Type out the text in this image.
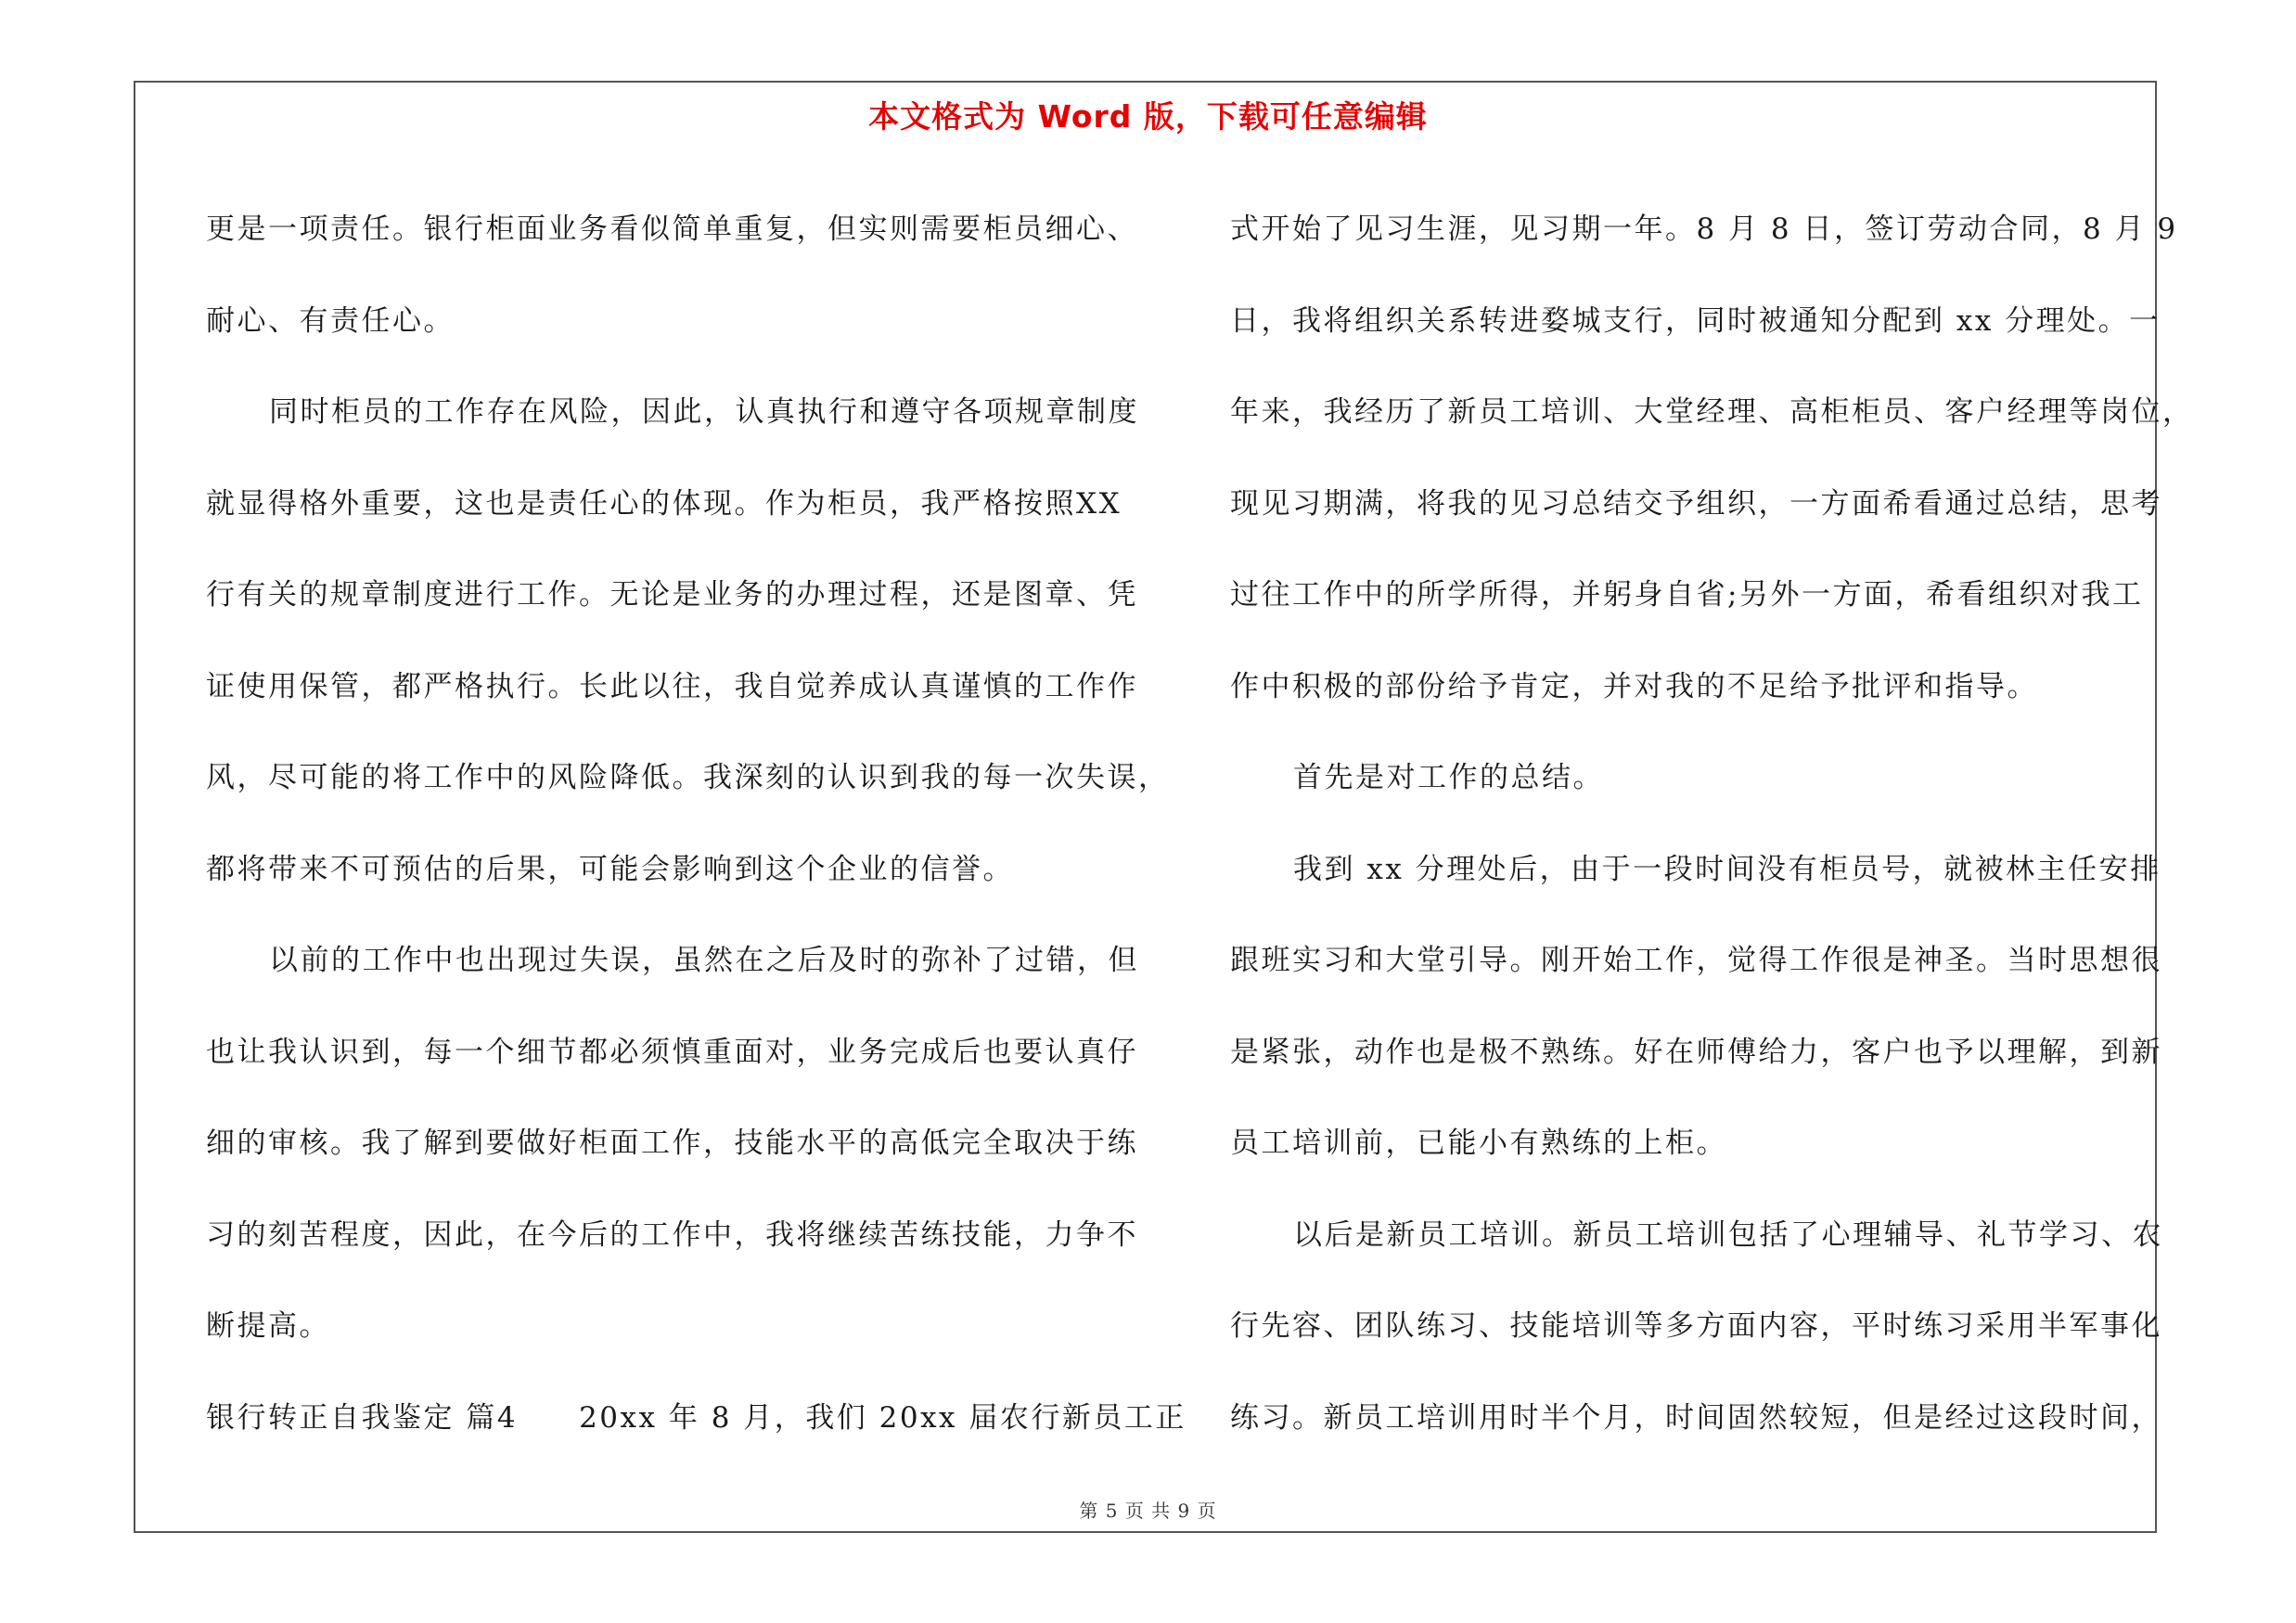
本文格式为 Word 版，下载可任意编辑
更是一项责任。银行柜面业务看似简单重复，但实则需要柜员细心、
耐心、有责任心。
同时柜员的工作存在风险，因此，认真执行和遵守各项规章制度
就显得格外重要，这也是责任心的体现。作为柜员，我严格按照XX
行有关的规章制度进行工作。无论是业务的办理过程，还是图章、凭
证使用保管，都严格执行。长此以往，我自觉养成认真谨慎的工作作
风，尽可能的将工作中的风险降低。我深刻的认识到我的每一次失误，
都将带来不可预估的后果，可能会影响到这个企业的信誉。
以前的工作中也出现过失误，虽然在之后及时的弥补了过错，但
也让我认识到，每一个细节都必须慎重面对，业务完成后也要认真仔
细的审核。我了解到要做好柜面工作，技能水平的高低完全取决于练
习的刻苦程度，因此，在今后的工作中，我将继续苦练技能，力争不
断提高。
银行转正自我鉴定 篇4 20xx 年 8 月，我们 20xx 届农行新员工正
式开始了见习生涯，见习期一年。8 月 8 日，签订劳动合同，8 月 9
日，我将组织关系转进婺城支行，同时被通知分配到 xx 分理处。一
年来，我经历了新员工培训、大堂经理、高柜柜员、客户经理等岗位，
现见习期满，将我的见习总结交予组织，一方面希看通过总结，思考
过往工作中的所学所得，并躬身自省;另外一方面，希看组织对我工
作中积极的部份给予肯定，并对我的不足给予批评和指导。
首先是对工作的总结。
我到 xx 分理处后，由于一段时间没有柜员号，就被林主任安排
跟班实习和大堂引导。刚开始工作，觉得工作很是神圣。当时思想很
是紧张，动作也是极不熟练。好在师傅给力，客户也予以理解，到新
员工培训前，已能小有熟练的上柜。
以后是新员工培训。新员工培训包括了心理辅导、礼节学习、农
行先容、团队练习、技能培训等多方面内容，平时练习采用半军事化
练习。新员工培训用时半个月，时间固然较短，但是经过这段时间，
第 5 页 共 9 页
